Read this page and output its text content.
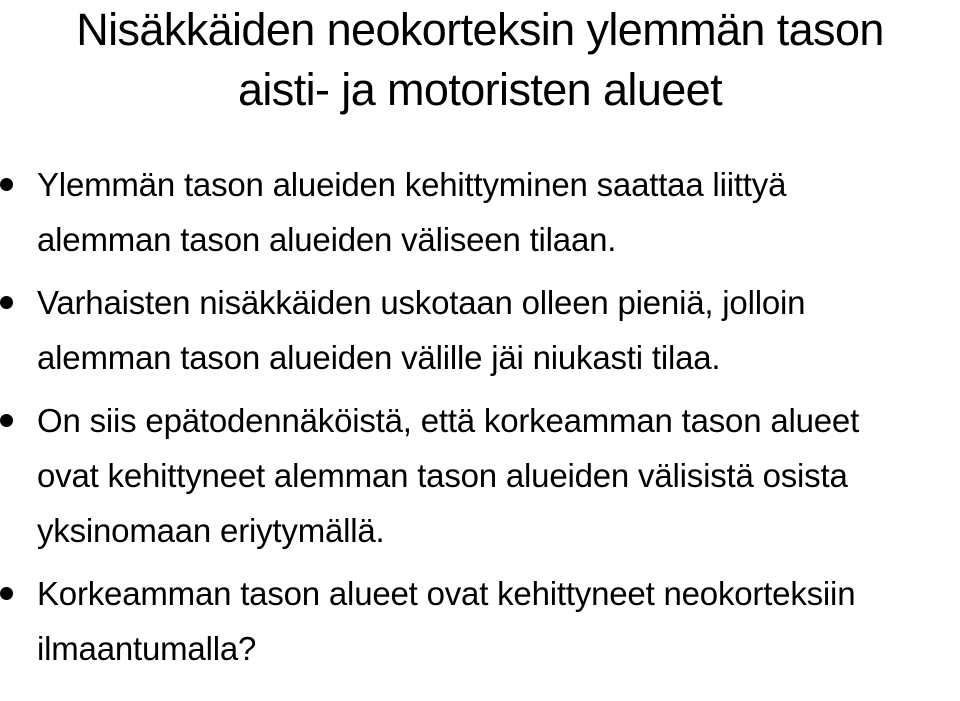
Nisäkkäiden neokorteksin ylemmän tason
aisti- ja motoristen alueet
Ylemmän tason alueiden kehittyminen saattaa liittyä
alemman tason alueiden väliseen tilaan.
Varhaisten nisäkkäiden uskotaan olleen pieniä, jolloin
alemman tason alueiden välille jäi niukasti tilaa.
On siis epätodennäköistä, että korkeamman tason alueet
ovat kehittyneet alemman tason alueiden välisistä osista
yksinomaan eriytymällä.
Korkeamman tason alueet ovat kehittyneet neokorteksiin
ilmaantumalla?
